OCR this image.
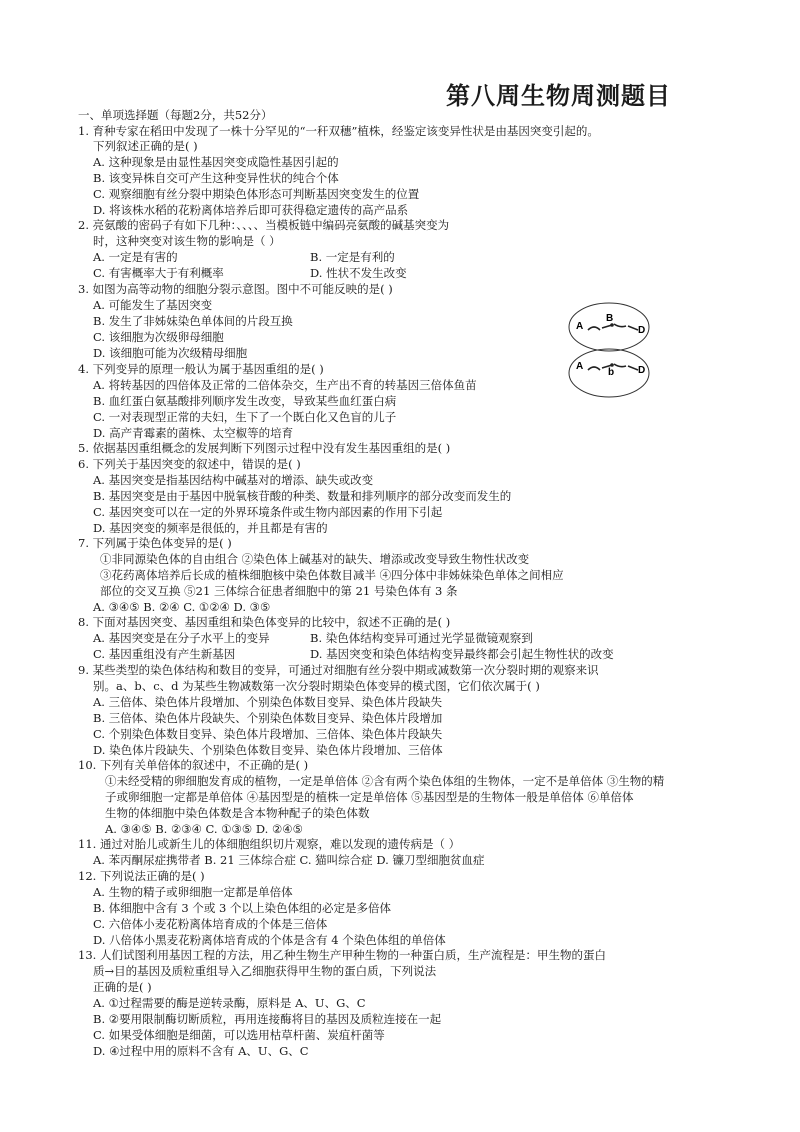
第八周生物周测题目
一、单项选择题（每题2分，共52分）
1. 育种专家在稻田中发现了一株十分罕见的“一秆双穗”植株，经鉴定该变异性状是由基因突变引起的。
下列叙述正确的是( )
A. 这种现象是由显性基因突变成隐性基因引起的
B. 该变异株自交可产生这种变异性状的纯合个体
C. 观察细胞有丝分裂中期染色体形态可判断基因突变发生的位置
D. 将该株水稻的花粉离体培养后即可获得稳定遗传的高产品系
2. 亮氨酸的密码子有如下几种：、、、、当模板链中编码亮氨酸的碱基突变为
时，这种突变对该生物的影响是（ ）
A. 一定是有害的	B. 一定是有利的
C. 有害概率大于有利概率	D. 性状不发生改变
3. 如图为高等动物的细胞分裂示意图。图中不可能反映的是( )
A. 可能发生了基因突变
B. 发生了非姊妹染色单体间的片段互换
C. 该细胞为次级卵母细胞
D. 该细胞可能为次级精母细胞
4. 下列变异的原理一般认为属于基因重组的是( )
A. 将转基因的四倍体及正常的二倍体杂交，生产出不育的转基因三倍体鱼苗
B. 血红蛋白氨基酸排列顺序发生改变，导致某些血红蛋白病
C. 一对表现型正常的夫妇，生下了一个既白化又色盲的儿子
D. 高产青霉素的菌株、太空椒等的培育
5. 依据基因重组概念的发展判断下列图示过程中没有发生基因重组的是( )
6. 下列关于基因突变的叙述中，错误的是( )
A. 基因突变是指基因结构中碱基对的增添、缺失或改变
B. 基因突变是由于基因中脱氧核苷酸的种类、数量和排列顺序的部分改变而发生的
C. 基因突变可以在一定的外界环境条件或生物内部因素的作用下引起
D. 基因突变的频率是很低的，并且都是有害的
7. 下列属于染色体变异的是( )
①非同源染色体的自由组合 ②染色体上碱基对的缺失、增添或改变导致生物性状改变
③花药离体培养后长成的植株细胞核中染色体数目减半 ④四分体中非姊妹染色单体之间相应
部位的交叉互换 ⑤21 三体综合征患者细胞中的第 21 号染色体有 3 条
A. ③④⑤ B. ②④ C. ①②④ D. ③⑤
8. 下面对基因突变、基因重组和染色体变异的比较中，叙述不正确的是( )
A. 基因突变是在分子水平上的变异	B. 染色体结构变异可通过光学显微镜观察到
C. 基因重组没有产生新基因	D. 基因突变和染色体结构变异最终都会引起生物性状的改变
9. 某些类型的染色体结构和数目的变异，可通过对细胞有丝分裂中期或减数第一次分裂时期的观察来识
别。a、b、c、d 为某些生物减数第一次分裂时期染色体变异的模式图，它们依次属于( )
A. 三倍体、染色体片段增加、个别染色体数目变异、染色体片段缺失
B. 三倍体、染色体片段缺失、个别染色体数目变异、染色体片段增加
C. 个别染色体数目变异、染色体片段增加、三倍体、染色体片段缺失
D. 染色体片段缺失、个别染色体数目变异、染色体片段增加、三倍体
10. 下列有关单倍体的叙述中，不正确的是( )
①未经受精的卵细胞发育成的植物，一定是单倍体 ②含有两个染色体组的生物体，一定不是单倍体 ③生物的精
子或卵细胞一定都是单倍体 ④基因型是的植株一定是单倍体 ⑤基因型是的生物体一般是单倍体 ⑥单倍体
生物的体细胞中染色体数是含本物种配子的染色体数
A. ③④⑤ B. ②③④ C. ①③⑤ D. ②④⑤
11. 通过对胎儿或新生儿的体细胞组织切片观察，难以发现的遗传病是（ ）
A. 苯丙酮尿症携带者 B. 21 三体综合症 C. 猫叫综合症 D. 镰刀型细胞贫血症
12. 下列说法正确的是( )
A. 生物的精子或卵细胞一定都是单倍体
B. 体细胞中含有 3 个或 3 个以上染色体组的必定是多倍体
C. 六倍体小麦花粉离体培育成的个体是三倍体
D. 八倍体小黑麦花粉离体培育成的个体是含有 4 个染色体组的单倍体
13. 人们试图利用基因工程的方法，用乙种生物生产甲种生物的一种蛋白质，生产流程是：甲生物的蛋白
质→目的基因及质粒重组导入乙细胞获得甲生物的蛋白质，下列说法
正确的是( )
A. ①过程需要的酶是逆转录酶，原料是 A、U、G、C
B. ②要用限制酶切断质粒，再用连接酶将目的基因及质粒连接在一起
C. 如果受体细胞是细菌，可以选用枯草杆菌、炭疽杆菌等
D. ④过程中用的原料不含有 A、U、G、C
A
B
D
A
b D
